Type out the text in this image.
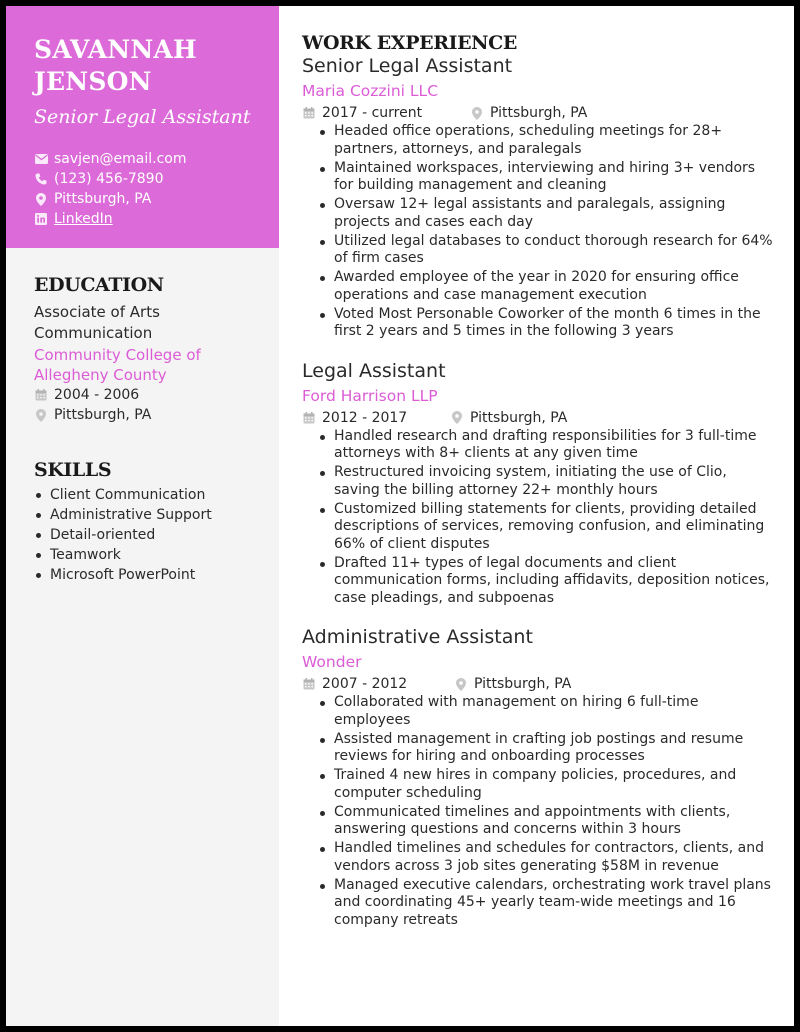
SAVANNAH
JENSON
Senior Legal Assistant
savjen@email.com
(123) 456-7890
Pittsburgh, PA
LinkedIn
EDUCATION
Associate of Arts
Communication
Community College of
Allegheny County
2004 - 2006
Pittsburgh, PA
SKILLS
Client Communication
Administrative Support
Detail-oriented
Teamwork
Microsoft PowerPoint
WORK EXPERIENCE
Senior Legal Assistant
Maria Cozzini LLC
2017 - current	Pittsburgh, PA
Headed office operations, scheduling meetings for 28+ partners, attorneys, and paralegals
Maintained workspaces, interviewing and hiring 3+ vendors for building management and cleaning
Oversaw 12+ legal assistants and paralegals, assigning projects and cases each day
Utilized legal databases to conduct thorough research for 64% of firm cases
Awarded employee of the year in 2020 for ensuring office operations and case management execution
Voted Most Personable Coworker of the month 6 times in the first 2 years and 5 times in the following 3 years
Legal Assistant
Ford Harrison LLP
2012 - 2017	Pittsburgh, PA
Handled research and drafting responsibilities for 3 full-time attorneys with 8+ clients at any given time
Restructured invoicing system, initiating the use of Clio, saving the billing attorney 22+ monthly hours
Customized billing statements for clients, providing detailed descriptions of services, removing confusion, and eliminating 66% of client disputes
Drafted 11+ types of legal documents and client communication forms, including affidavits, deposition notices, case pleadings, and subpoenas
Administrative Assistant
Wonder
2007 - 2012	Pittsburgh, PA
Collaborated with management on hiring 6 full-time employees
Assisted management in crafting job postings and resume reviews for hiring and onboarding processes
Trained 4 new hires in company policies, procedures, and computer scheduling
Communicated timelines and appointments with clients, answering questions and concerns within 3 hours
Handled timelines and schedules for contractors, clients, and vendors across 3 job sites generating $58M in revenue
Managed executive calendars, orchestrating work travel plans and coordinating 45+ yearly team-wide meetings and 16 company retreats
